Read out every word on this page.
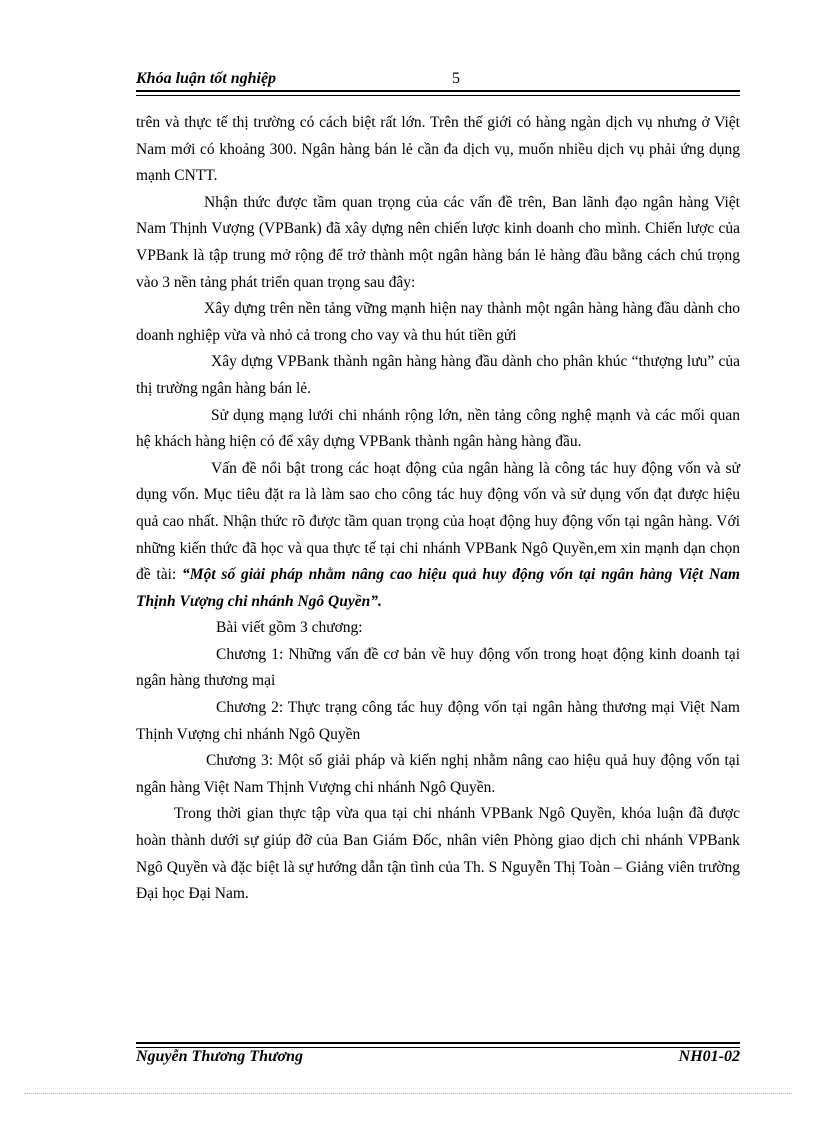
Khóa luận tốt nghiệp	5

trên và thực tế thị trường có cách biệt rất lớn. Trên thế giới có hàng ngàn dịch vụ nhưng ở Việt Nam mới có khoảng 300. Ngân hàng bán lẻ cần đa dịch vụ, muốn nhiều dịch vụ phải ứng dụng mạnh CNTT.

Nhận thức được tầm quan trọng của các vấn đề trên, Ban lãnh đạo ngân hàng Việt Nam Thịnh Vượng (VPBank) đã xây dựng nên chiến lược kinh doanh cho mình. Chiến lược của VPBank là tập trung mở rộng để trở thành một ngân hàng bán lẻ hàng đầu bằng cách chú trọng vào 3 nền tảng phát triển quan trọng sau đây:

Xây dựng trên nền tảng vững mạnh hiện nay thành một ngân hàng hàng đầu dành cho doanh nghiệp vừa và nhỏ cả trong cho vay và thu hút tiền gửi

Xây dựng VPBank thành ngân hàng hàng đầu dành cho phân khúc “thượng lưu” của thị trường ngân hàng bán lẻ.

Sử dụng mạng lưới chi nhánh rộng lớn, nền tảng công nghệ mạnh và các mối quan hệ khách hàng hiện có để xây dựng VPBank thành ngân hàng hàng đầu.

Vấn đề nổi bật trong các hoạt động của ngân hàng là công tác huy động vốn và sử dụng vốn. Mục tiêu đặt ra là làm sao cho công tác huy động vốn và sử dụng vốn đạt được hiệu quả cao nhất. Nhận thức rõ được tầm quan trọng của hoạt động huy động vốn tại ngân hàng. Với những kiến thức đã học và qua thực tế tại chi nhánh VPBank Ngô Quyền,em xin mạnh dạn chọn đề tài: “Một số giải pháp nhằm nâng cao hiệu quả huy động vốn tại ngân hàng Việt Nam Thịnh Vượng chi nhánh Ngô Quyền”.

Bài viết gồm 3 chương:

Chương 1: Những vấn đề cơ bản về huy động vốn trong hoạt động kinh doanh tại ngân hàng thương mại

Chương 2: Thực trạng công tác huy động vốn tại ngân hàng thương mại Việt Nam Thịnh Vượng chi nhánh Ngô Quyền

Chương 3: Một số giải pháp và kiến nghị nhằm nâng cao hiệu quả huy động vốn tại ngân hàng Việt Nam Thịnh Vượng chi nhánh Ngô Quyền.

Trong thời gian thực tập vừa qua tại chi nhánh VPBank Ngô Quyền, khóa luận đã được hoàn thành dưới sự giúp đỡ của Ban Giám Đốc, nhân viên Phòng giao dịch chi nhánh VPBank Ngô Quyền và đặc biệt là sự hướng dẫn tận tình của Th. S Nguyễn Thị Toàn – Giảng viên trường Đại học Đại Nam.

Nguyễn Thương Thương	NH01-02
